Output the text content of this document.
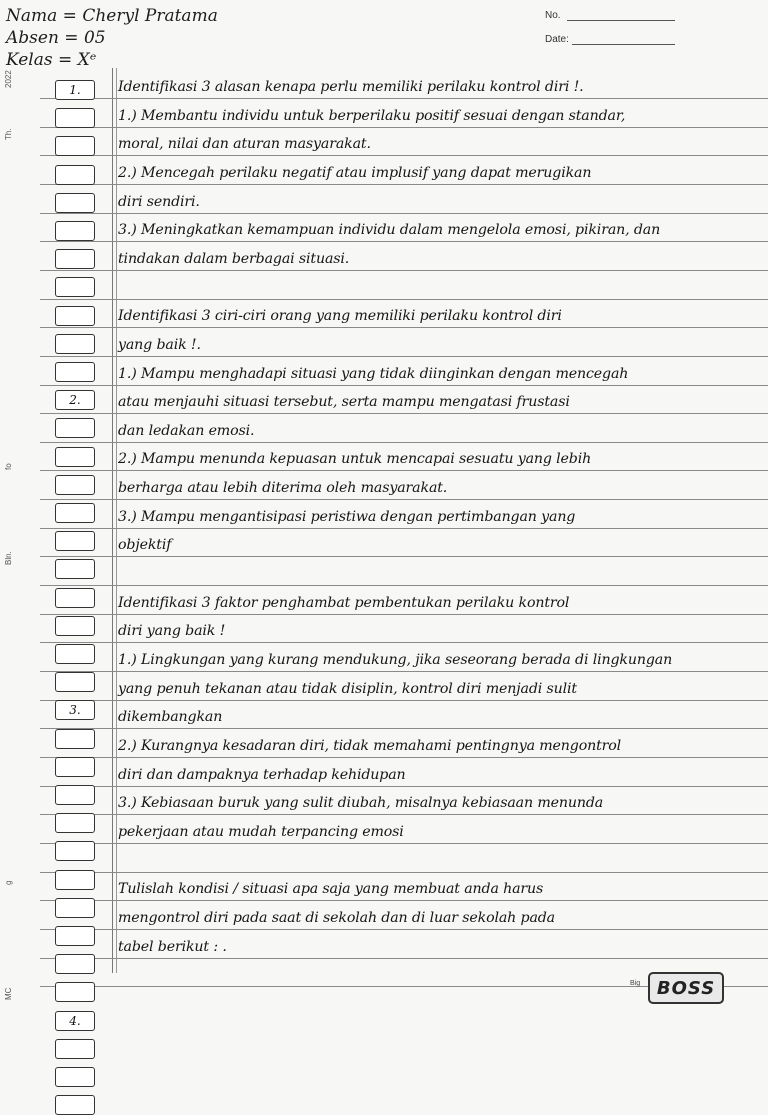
Nama = Cheryl Pratama
Absen = 05
Kelas = Xᵉ
No.
Date:
2022
Th.
fo
Bln.
g
MC
1.
2.
3.
4.
Identifikasi 3 alasan kenapa perlu memiliki perilaku kontrol diri !.
1.) Membantu individu untuk berperilaku positif sesuai dengan standar,
moral, nilai dan aturan masyarakat.
2.) Mencegah perilaku negatif atau implusif yang dapat merugikan
diri sendiri.
3.) Meningkatkan kemampuan individu dalam mengelola emosi, pikiran, dan
tindakan dalam berbagai situasi.
Identifikasi 3 ciri-ciri orang yang memiliki perilaku kontrol diri
yang baik !.
1.) Mampu menghadapi situasi yang tidak diinginkan dengan mencegah
atau menjauhi situasi tersebut, serta mampu mengatasi frustasi
dan ledakan emosi.
2.) Mampu menunda kepuasan untuk mencapai sesuatu yang lebih
berharga atau lebih diterima oleh masyarakat.
3.) Mampu mengantisipasi peristiwa dengan pertimbangan yang
objektif
Identifikasi 3 faktor penghambat pembentukan perilaku kontrol
diri yang baik !
1.) Lingkungan yang kurang mendukung, jika seseorang berada di lingkungan
yang penuh tekanan atau tidak disiplin, kontrol diri menjadi sulit
dikembangkan
2.) Kurangnya kesadaran diri, tidak memahami pentingnya mengontrol
diri dan dampaknya terhadap kehidupan
3.) Kebiasaan buruk yang sulit diubah, misalnya kebiasaan menunda
pekerjaan atau mudah terpancing emosi
Tulislah kondisi / situasi apa saja yang membuat anda harus
mengontrol diri pada saat di sekolah dan di luar sekolah pada
tabel berikut : .
Big BOSS
